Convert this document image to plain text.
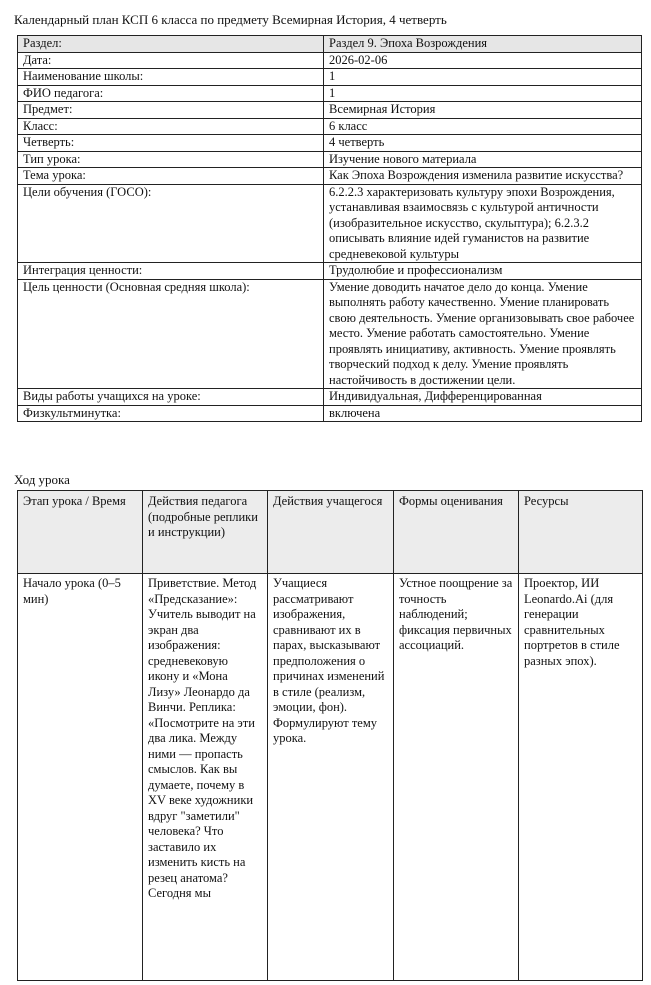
Календарный план КСП 6 класса по предмету Всемирная История, 4 четверть
Раздел:	Раздел 9. Эпоха Возрождения
Дата:	2026-02-06
Наименование школы:	1
ФИО педагога:	1
Предмет:	Всемирная История
Класс:	6 класс
Четверть:	4 четверть
Тип урока:	Изучение нового материала
Тема урока:	Как Эпоха Возрождения изменила развитие искусства?
Цели обучения (ГОСО):	6.2.2.3 характеризовать культуру эпохи Возрождения, устанавливая взаимосвязь с культурой античности (изобразительное искусство, скульптура); 6.2.3.2 описывать влияние идей гуманистов на развитие средневековой культуры
Интеграция ценности:	Трудолюбие и профессионализм
Цель ценности (Основная средняя школа):	Умение доводить начатое дело до конца. Умение выполнять работу качественно. Умение планировать свою деятельность. Умение организовывать свое рабочее место. Умение работать самостоятельно. Умение проявлять инициативу, активность. Умение проявлять творческий подход к делу. Умение проявлять настойчивость в достижении цели.
Виды работы учащихся на уроке:	Индивидуальная, Дифференцированная
Физкультминутка:	включена
Ход урока
Этап урока / Время	Действия педагога (подробные реплики и инструкции)	Действия учащегося	Формы оценивания	Ресурсы

Начало урока (0–5 мин)	Приветствие. Метод «Предсказание»: Учитель выводит на экран два изображения: средневековую икону и «Мона Лизу» Леонардо да Винчи. Реплика: «Посмотрите на эти два лика. Между ними — пропасть смыслов. Как вы думаете, почему в XV веке художники вдруг "заметили" человека? Что заставило их изменить кисть на резец анатома? Сегодня мы	Учащиеся рассматривают изображения, сравнивают их в парах, высказывают предположения о причинах изменений в стиле (реализм, эмоции, фон). Формулируют тему урока.	Устное поощрение за точность наблюдений; фиксация первичных ассоциаций.	Проектор, ИИ Leonardo.Ai (для генерации сравнительных портретов в стиле разных эпох).
